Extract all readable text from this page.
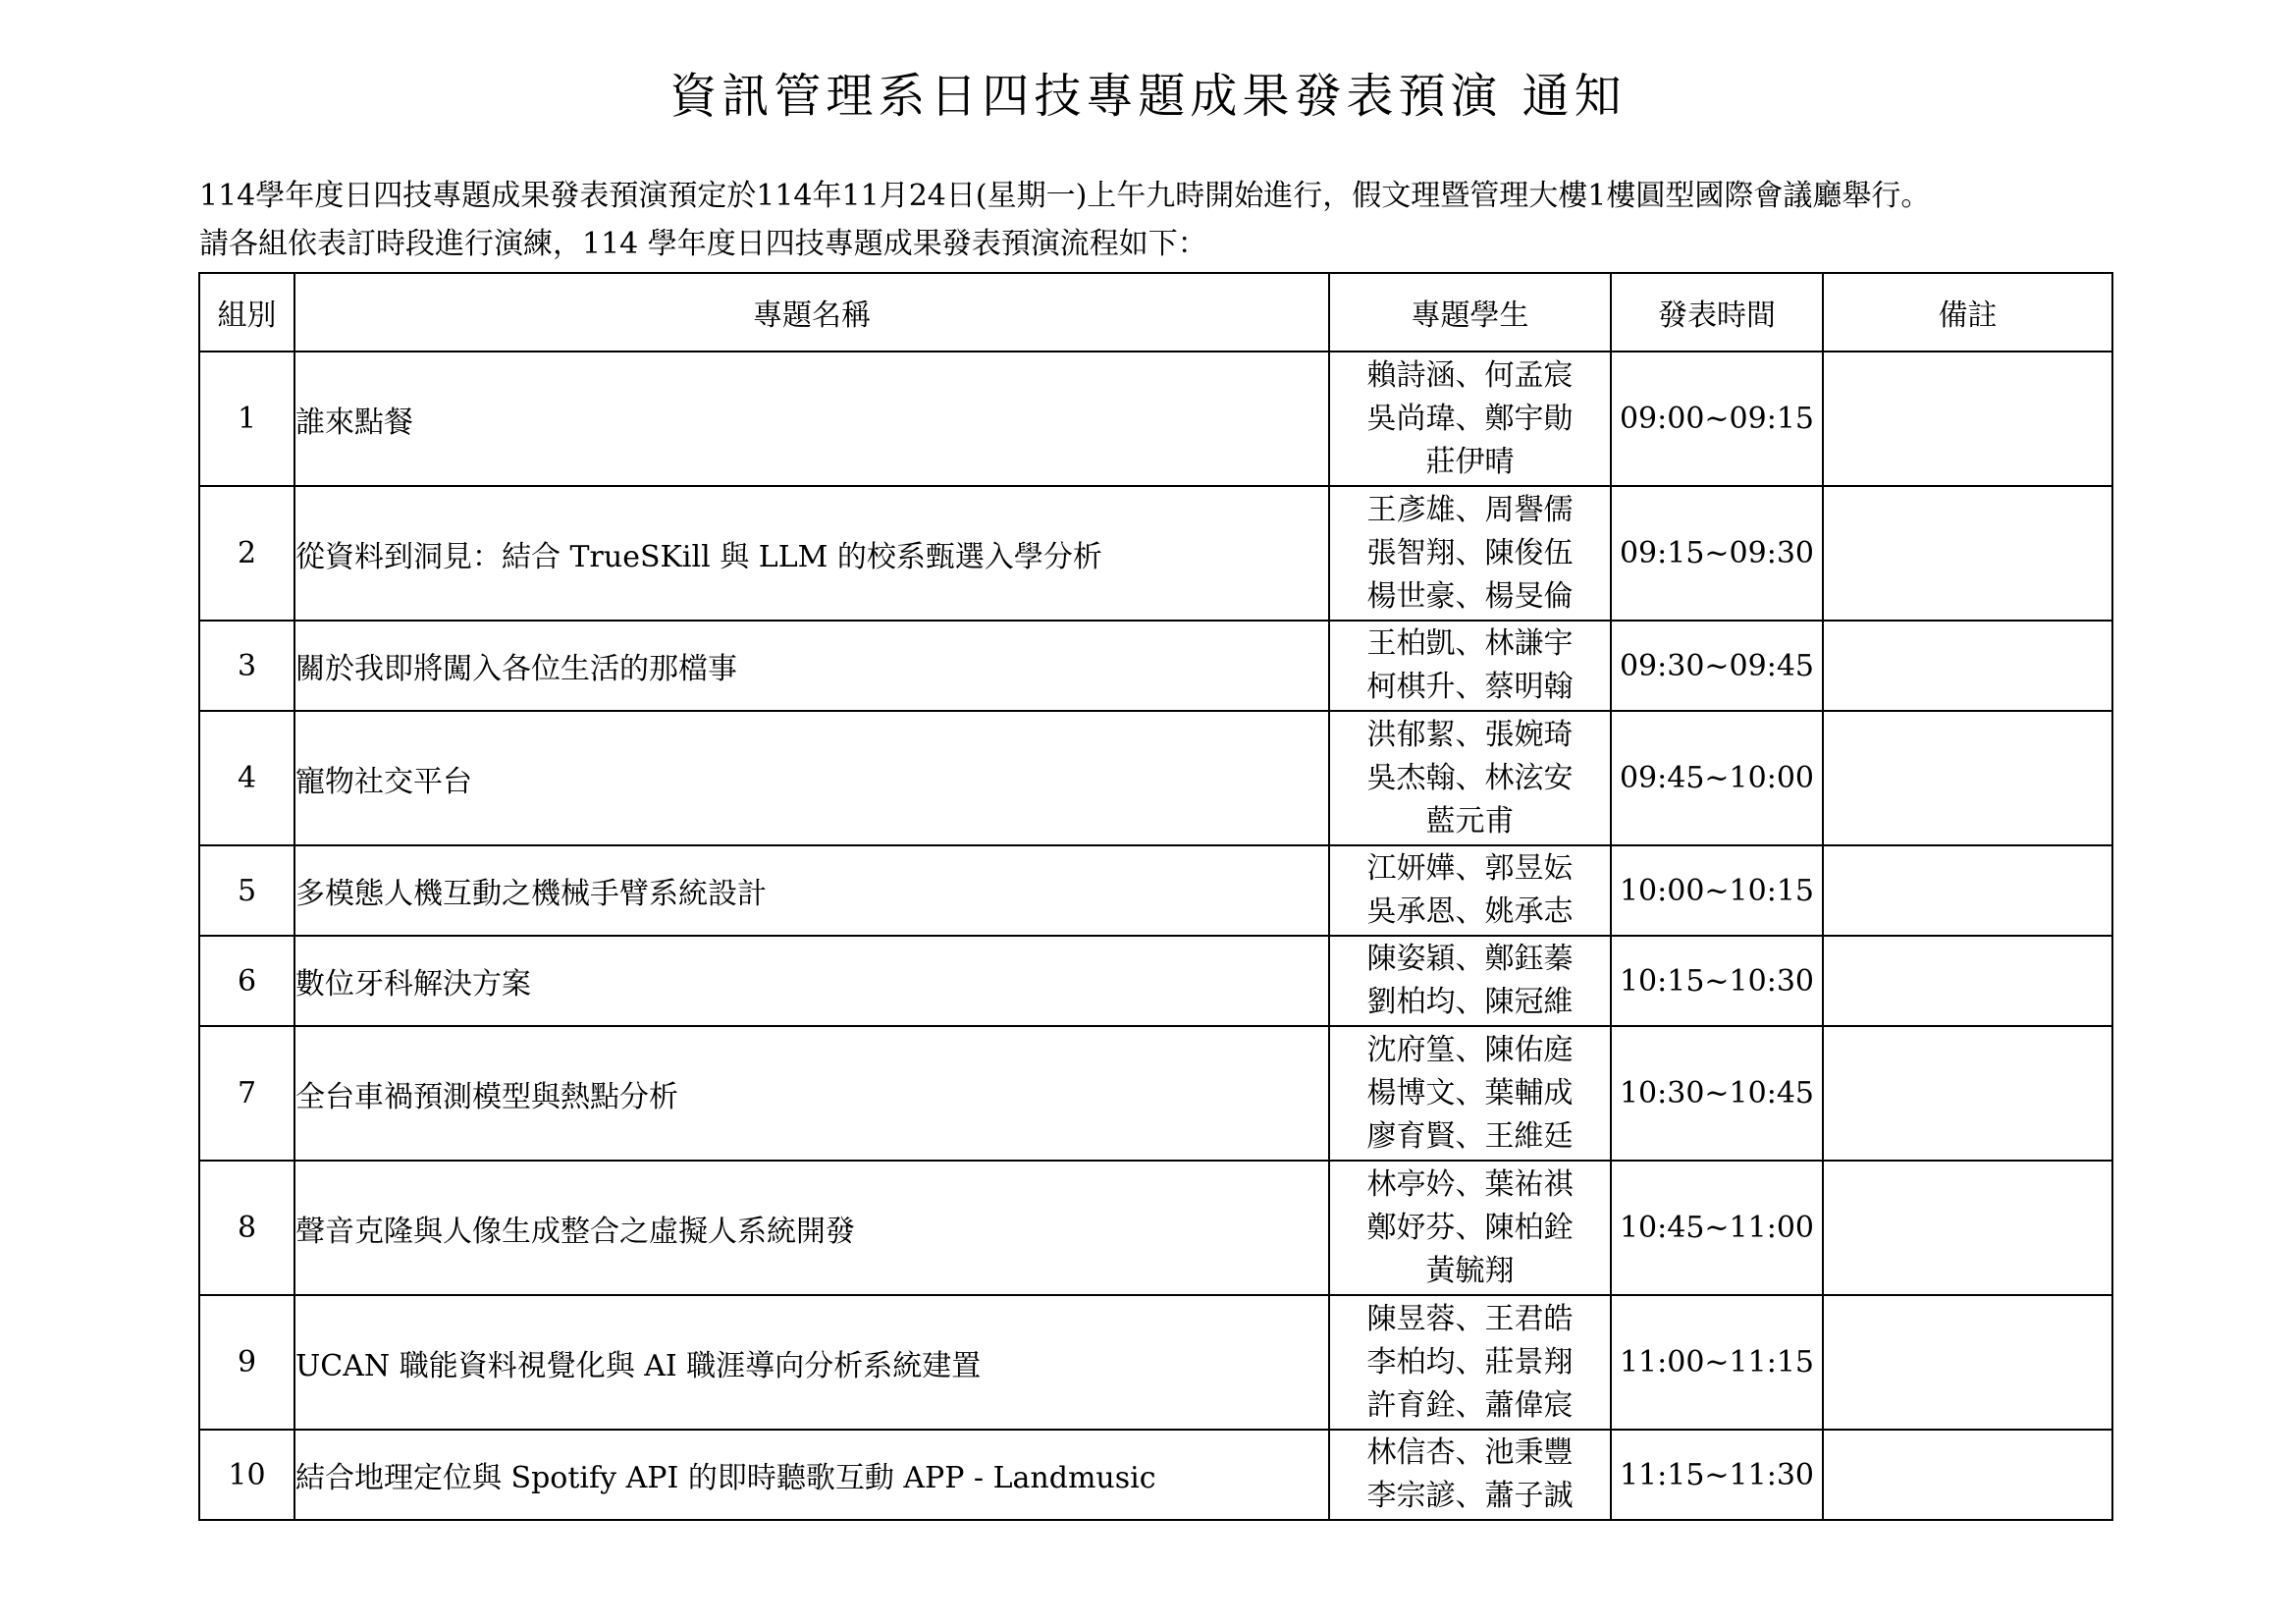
資訊管理系日四技專題成果發表預演 通知
114學年度日四技專題成果發表預演預定於114年11月24日(星期一)上午九時開始進行，假文理暨管理大樓1樓圓型國際會議廳舉行。
請各組依表訂時段進行演練，114 學年度日四技專題成果發表預演流程如下：
組別	專題名稱	專題學生	發表時間	備註
1	誰來點餐	賴詩涵、何孟宸
吳尚瑋、鄭宇勛
莊伊晴	09:00~09:15	
2	從資料到洞見：結合 TrueSKill 與 LLM 的校系甄選入學分析	王彥雄、周譽儒
張智翔、陳俊伍
楊世豪、楊旻倫	09:15~09:30	
3	關於我即將闖入各位生活的那檔事	王柏凱、林謙宇
柯棋升、蔡明翰	09:30~09:45	
4	寵物社交平台	洪郁絜、張婉琦
吳杰翰、林泫安
藍元甫	09:45~10:00	
5	多模態人機互動之機械手臂系統設計	江妍嬅、郭昱妘
吳承恩、姚承志	10:00~10:15	
6	數位牙科解決方案	陳姿穎、鄭鈺蓁
劉柏均、陳冠維	10:15~10:30	
7	全台車禍預測模型與熱點分析	沈府篁、陳佑庭
楊博文、葉輔成
廖育賢、王維廷	10:30~10:45	
8	聲音克隆與人像生成整合之虛擬人系統開發	林亭妗、葉祐祺
鄭妤芬、陳柏銓
黃毓翔	10:45~11:00	
9	UCAN 職能資料視覺化與 AI 職涯導向分析系統建置	陳昱蓉、王君皓
李柏均、莊景翔
許育銓、蕭偉宸	11:00~11:15	
10	結合地理定位與 Spotify API 的即時聽歌互動 APP - Landmusic	林信杏、池秉豐
李宗諺、蕭子誠	11:15~11:30	
